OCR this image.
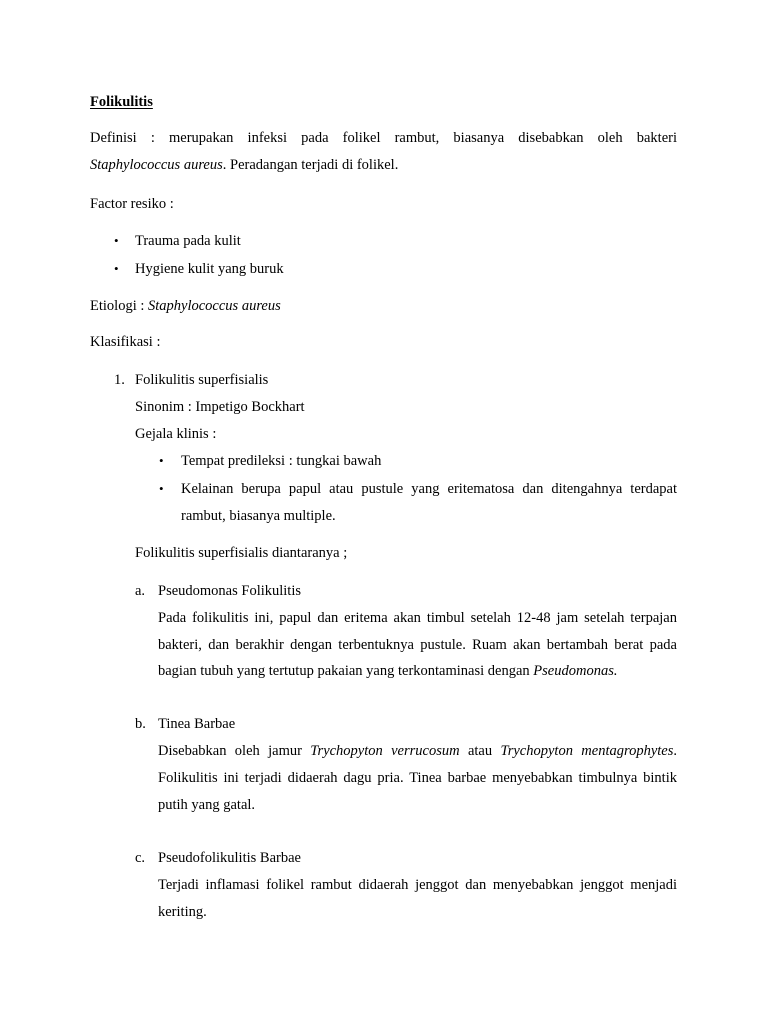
Folikulitis
Definisi : merupakan infeksi pada folikel rambut, biasanya disebabkan oleh bakteri
Staphylococcus aureus. Peradangan terjadi di folikel.
Factor resiko :
• Trauma pada kulit
• Hygiene kulit yang buruk
Etiologi : Staphylococcus aureus
Klasifikasi :
1. Folikulitis superfisialis
Sinonim : Impetigo Bockhart
Gejala klinis :
• Tempat predileksi : tungkai bawah
• Kelainan berupa papul atau pustule yang eritematosa dan ditengahnya terdapat
rambut, biasanya multiple.
Folikulitis superfisialis diantaranya ;
a. Pseudomonas Folikulitis
Pada folikulitis ini, papul dan eritema akan timbul setelah 12-48 jam setelah terpajan
bakteri, dan berakhir dengan terbentuknya pustule. Ruam akan bertambah berat pada
bagian tubuh yang tertutup pakaian yang terkontaminasi dengan Pseudomonas.
b. Tinea Barbae
Disebabkan oleh jamur Trychopyton verrucosum atau Trychopyton mentagrophytes.
Folikulitis ini terjadi didaerah dagu pria. Tinea barbae menyebabkan timbulnya bintik
putih yang gatal.
c. Pseudofolikulitis Barbae
Terjadi inflamasi folikel rambut didaerah jenggot dan menyebabkan jenggot menjadi
keriting.
